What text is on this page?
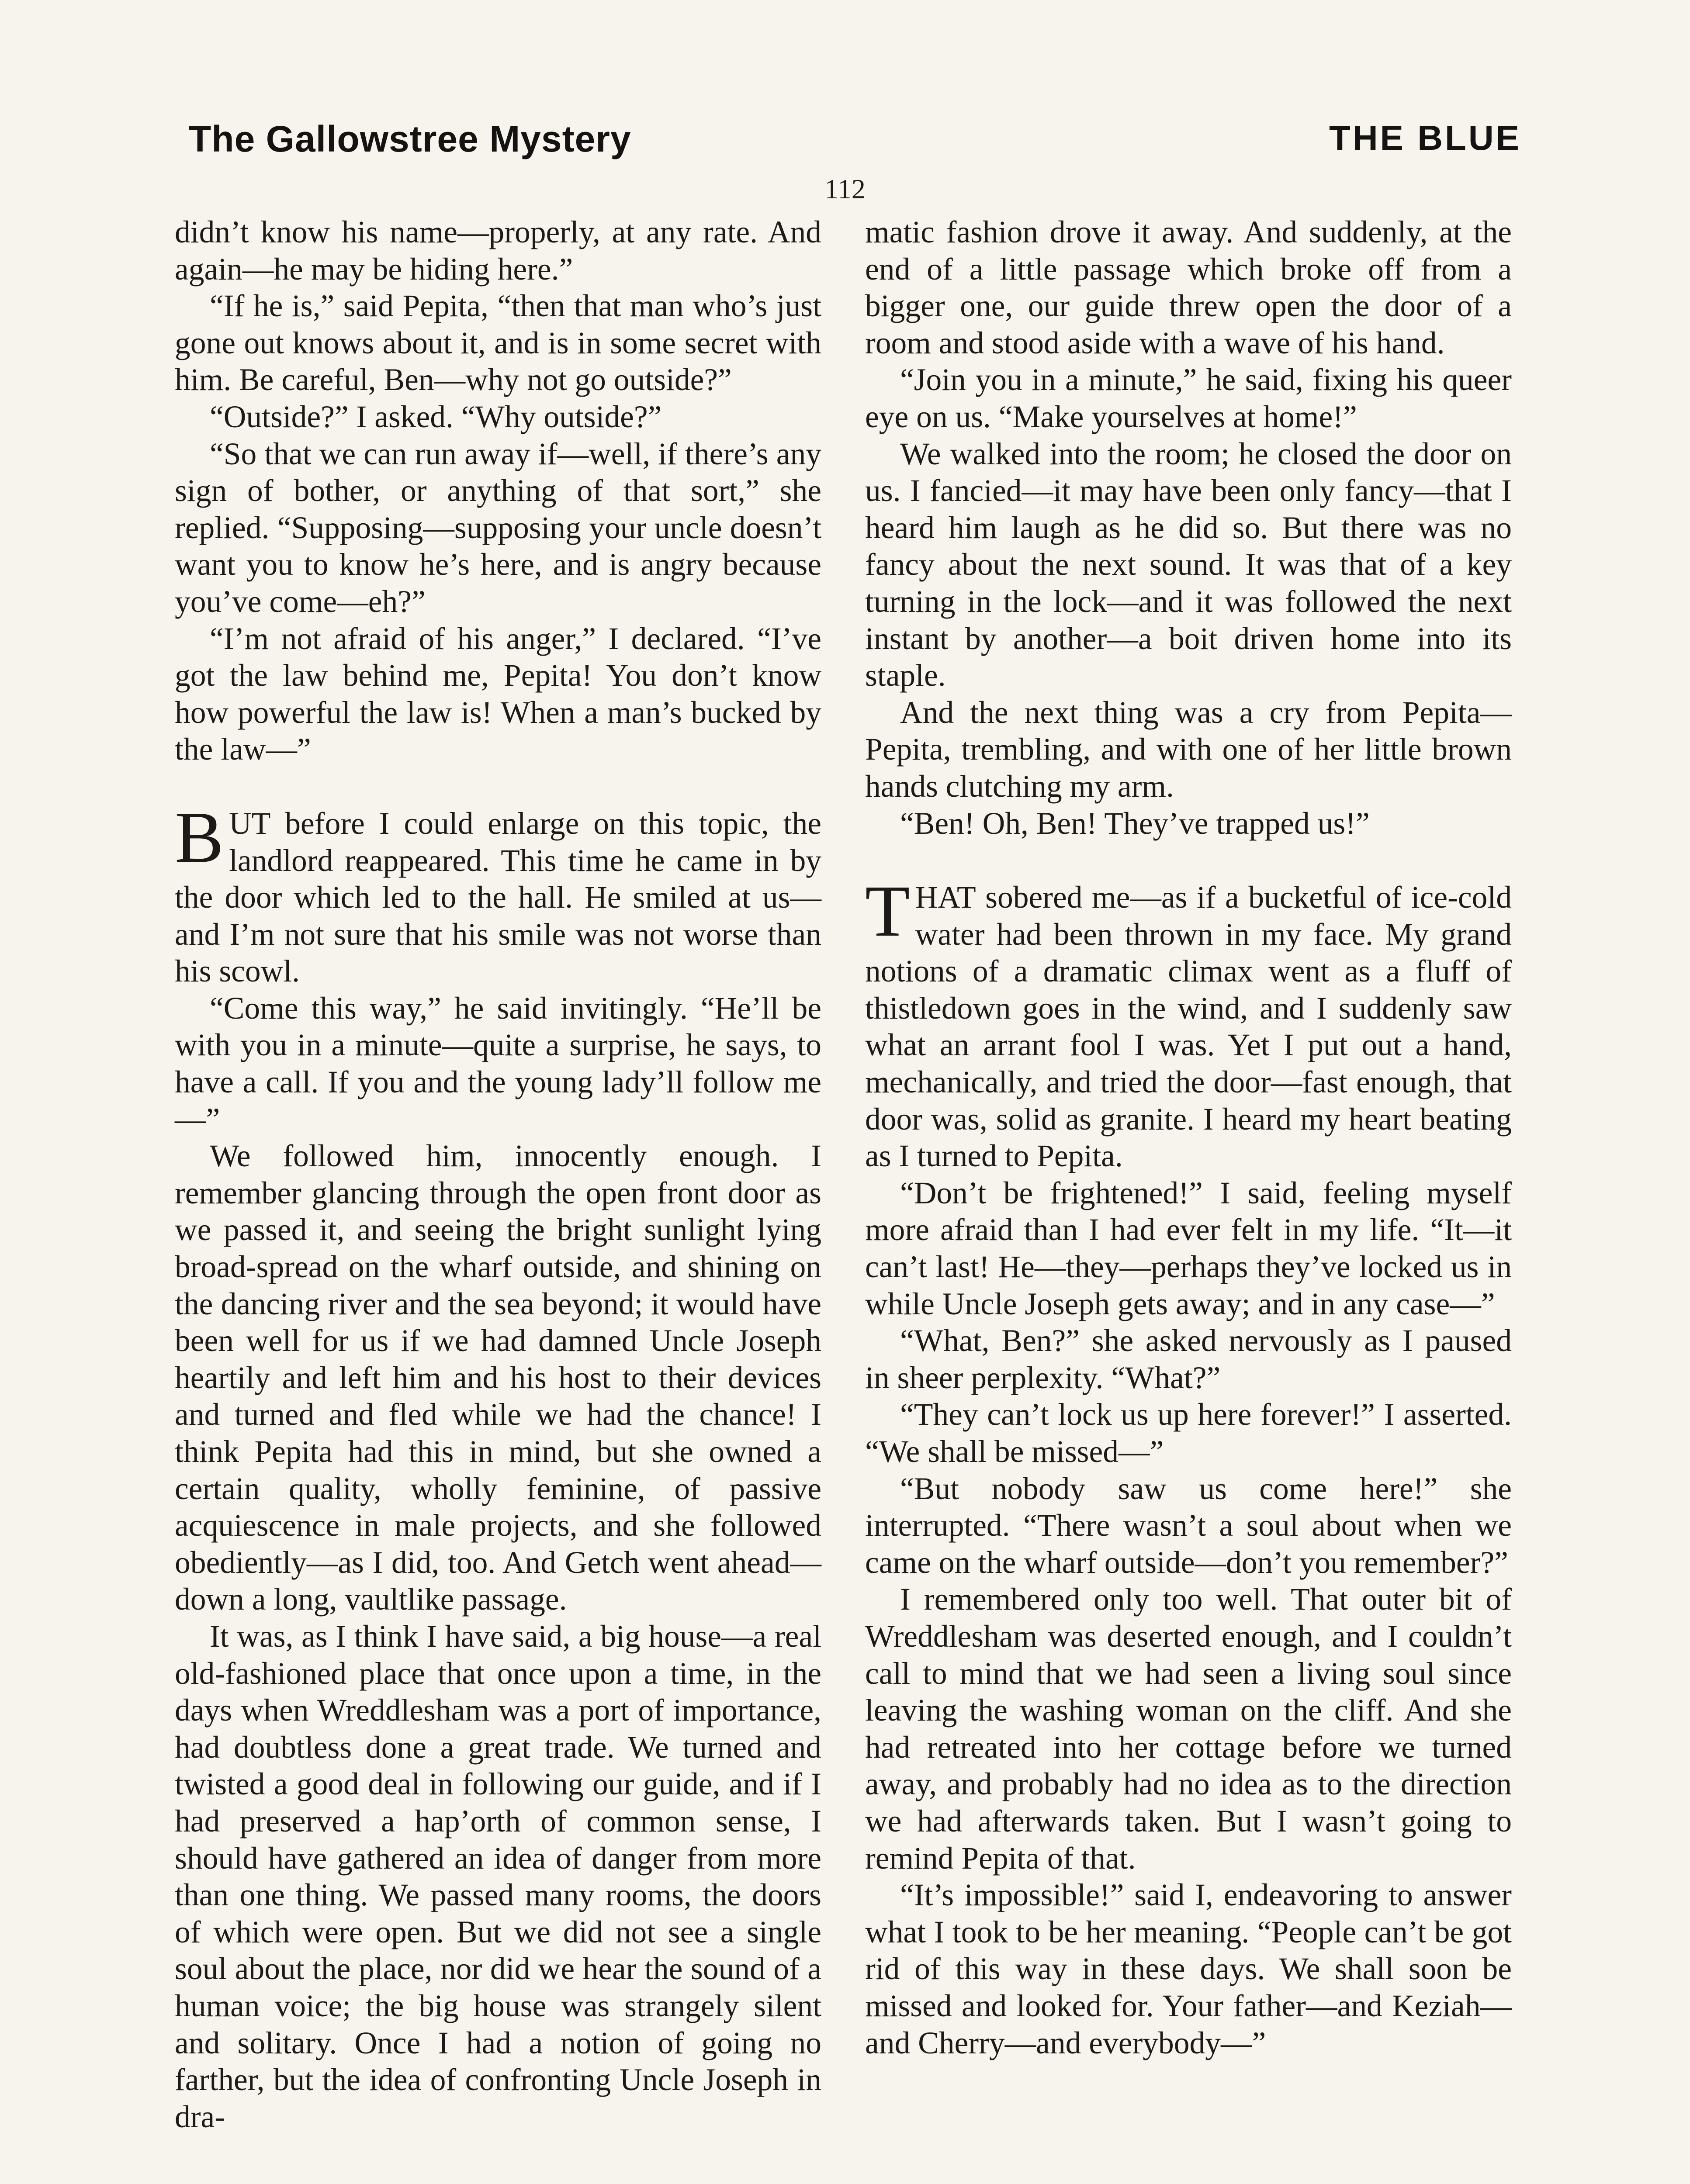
The Gallowstree Mystery	THE BLUE
112

didn’t know his name—properly, at any rate. And again—he may be hiding here.”

“If he is,” said Pepita, “then that man who’s just gone out knows about it, and is in some secret with him. Be careful, Ben—why not go outside?”

“Outside?” I asked. “Why outside?”

“So that we can run away if—well, if there’s any sign of bother, or anything of that sort,” she replied. “Supposing—supposing your uncle doesn’t want you to know he’s here, and is angry because you’ve come—eh?”

“I’m not afraid of his anger,” I declared. “I’ve got the law behind me, Pepita! You don’t know how powerful the law is! When a man’s bucked by the law—”

BUT before I could enlarge on this topic, the landlord reappeared. This time he came in by the door which led to the hall. He smiled at us—and I’m not sure that his smile was not worse than his scowl.

“Come this way,” he said invitingly. “He’ll be with you in a minute—quite a surprise, he says, to have a call. If you and the young lady’ll follow me—”

We followed him, innocently enough. I remember glancing through the open front door as we passed it, and seeing the bright sunlight lying broad-spread on the wharf outside, and shining on the dancing river and the sea beyond; it would have been well for us if we had damned Uncle Joseph heartily and left him and his host to their devices and turned and fled while we had the chance! I think Pepita had this in mind, but she owned a certain quality, wholly feminine, of passive acquiescence in male projects, and she followed obediently—as I did, too. And Getch went ahead—down a long, vaultlike passage.

It was, as I think I have said, a big house—a real old-fashioned place that once upon a time, in the days when Wreddlesham was a port of importance, had doubtless done a great trade. We turned and twisted a good deal in following our guide, and if I had preserved a hap’orth of common sense, I should have gathered an idea of danger from more than one thing. We passed many rooms, the doors of which were open. But we did not see a single soul about the place, nor did we hear the sound of a human voice; the big house was strangely silent and solitary. Once I had a notion of going no farther, but the idea of confronting Uncle Joseph in dra-

matic fashion drove it away. And suddenly, at the end of a little passage which broke off from a bigger one, our guide threw open the door of a room and stood aside with a wave of his hand.

“Join you in a minute,” he said, fixing his queer eye on us. “Make yourselves at home!”

We walked into the room; he closed the door on us. I fancied—it may have been only fancy—that I heard him laugh as he did so. But there was no fancy about the next sound. It was that of a key turning in the lock—and it was followed the next instant by another—a boit driven home into its staple.

And the next thing was a cry from Pepita—Pepita, trembling, and with one of her little brown hands clutching my arm.

“Ben! Oh, Ben! They’ve trapped us!”

THAT sobered me—as if a bucketful of ice-cold water had been thrown in my face. My grand notions of a dramatic climax went as a fluff of thistledown goes in the wind, and I suddenly saw what an arrant fool I was. Yet I put out a hand, mechanically, and tried the door—fast enough, that door was, solid as granite. I heard my heart beating as I turned to Pepita.

“Don’t be frightened!” I said, feeling myself more afraid than I had ever felt in my life. “It—it can’t last! He—they—perhaps they’ve locked us in while Uncle Joseph gets away; and in any case—”

“What, Ben?” she asked nervously as I paused in sheer perplexity. “What?”

“They can’t lock us up here forever!” I asserted. “We shall be missed—”

“But nobody saw us come here!” she interrupted. “There wasn’t a soul about when we came on the wharf outside—don’t you remember?”

I remembered only too well. That outer bit of Wreddlesham was deserted enough, and I couldn’t call to mind that we had seen a living soul since leaving the washing woman on the cliff. And she had retreated into her cottage before we turned away, and probably had no idea as to the direction we had afterwards taken. But I wasn’t going to remind Pepita of that.

“It’s impossible!” said I, endeavoring to answer what I took to be her meaning. “People can’t be got rid of this way in these days. We shall soon be missed and looked for. Your father—and Keziah—and Cherry—and everybody—”
